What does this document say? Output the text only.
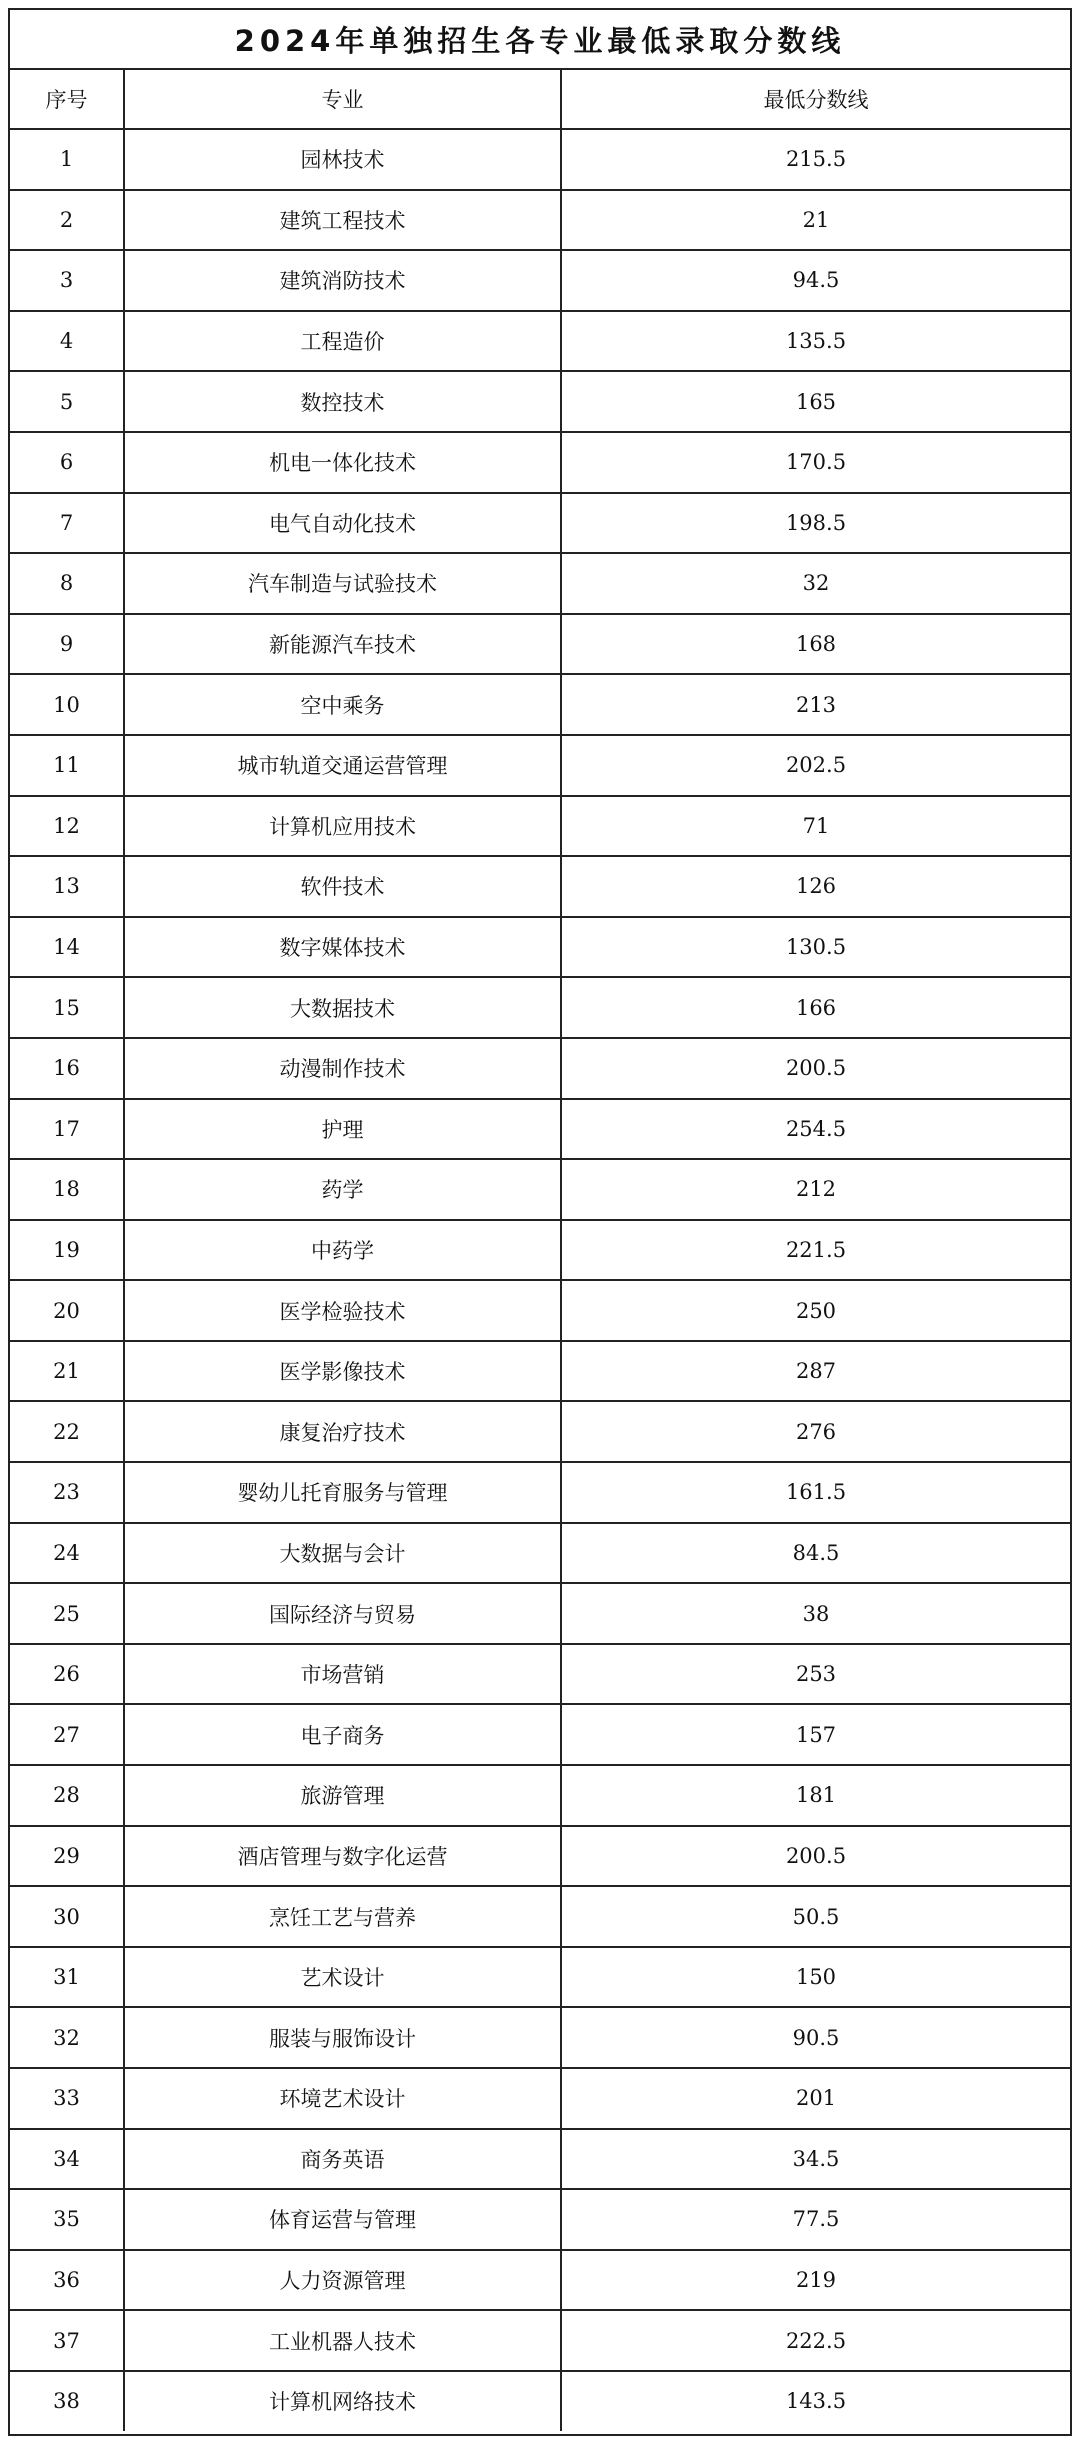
2024年单独招生各专业最低录取分数线
序号	专业	最低分数线
1	园林技术	215.5
2	建筑工程技术	21
3	建筑消防技术	94.5
4	工程造价	135.5
5	数控技术	165
6	机电一体化技术	170.5
7	电气自动化技术	198.5
8	汽车制造与试验技术	32
9	新能源汽车技术	168
10	空中乘务	213
11	城市轨道交通运营管理	202.5
12	计算机应用技术	71
13	软件技术	126
14	数字媒体技术	130.5
15	大数据技术	166
16	动漫制作技术	200.5
17	护理	254.5
18	药学	212
19	中药学	221.5
20	医学检验技术	250
21	医学影像技术	287
22	康复治疗技术	276
23	婴幼儿托育服务与管理	161.5
24	大数据与会计	84.5
25	国际经济与贸易	38
26	市场营销	253
27	电子商务	157
28	旅游管理	181
29	酒店管理与数字化运营	200.5
30	烹饪工艺与营养	50.5
31	艺术设计	150
32	服装与服饰设计	90.5
33	环境艺术设计	201
34	商务英语	34.5
35	体育运营与管理	77.5
36	人力资源管理	219
37	工业机器人技术	222.5
38	计算机网络技术	143.5
